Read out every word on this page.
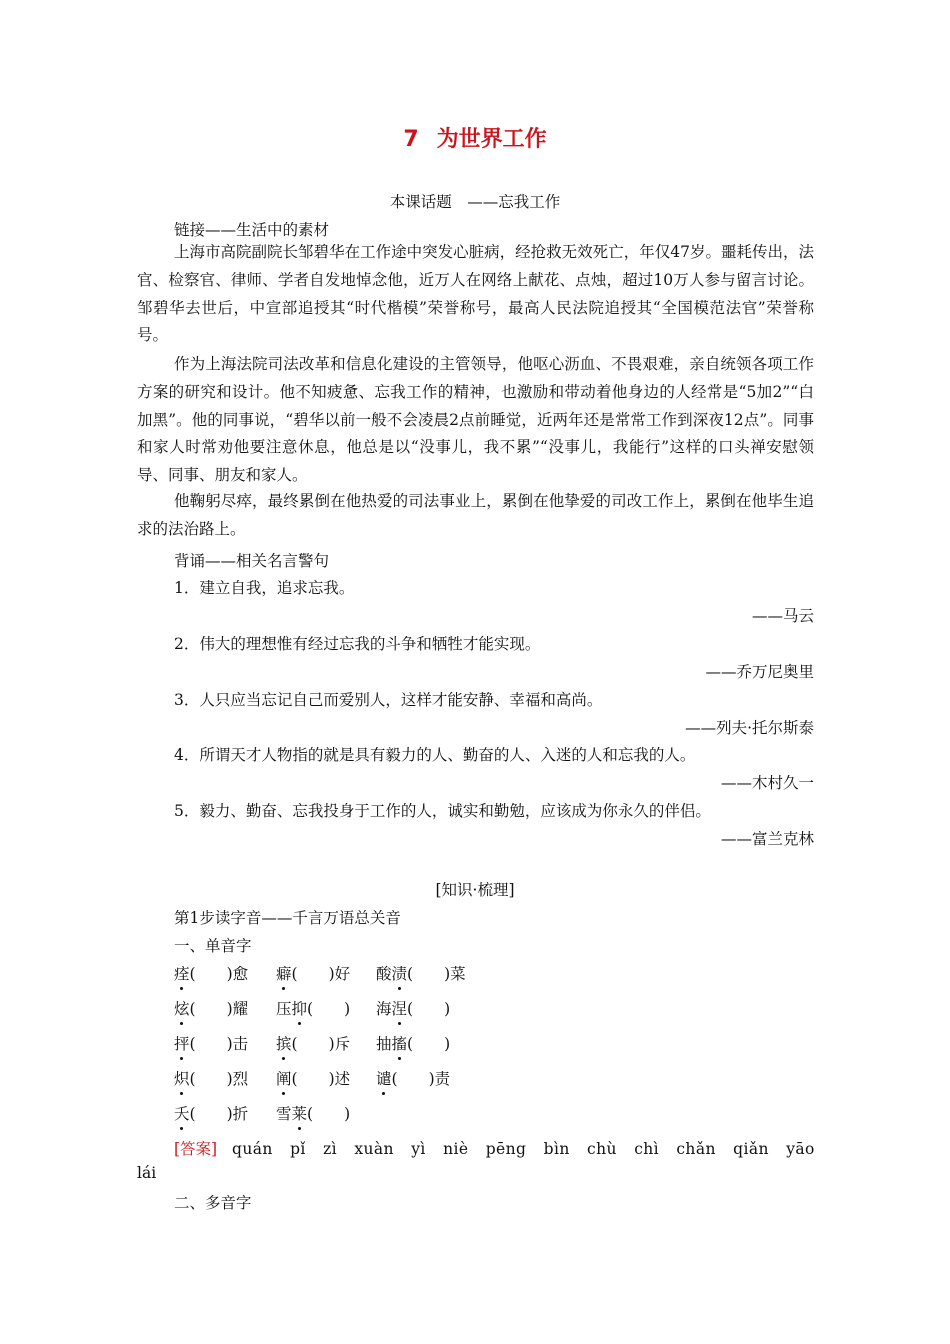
7 为世界工作
本课话题　——忘我工作
链接——生活中的素材
上海市高院副院长邹碧华在工作途中突发心脏病，经抢救无效死亡，年仅47岁。噩耗传出，法官、检察官、律师、学者自发地悼念他，近万人在网络上献花、点烛，超过10万人参与留言讨论。邹碧华去世后，中宣部追授其“时代楷模”荣誉称号，最高人民法院追授其“全国模范法官”荣誉称号。
作为上海法院司法改革和信息化建设的主管领导，他呕心沥血、不畏艰难，亲自统领各项工作方案的研究和设计。他不知疲惫、忘我工作的精神，也激励和带动着他身边的人经常是“5加2”“白加黑”。他的同事说，“碧华以前一般不会凌晨2点前睡觉，近两年还是常常工作到深夜12点”。同事和家人时常劝他要注意休息，他总是以“没事儿，我不累”“没事儿，我能行”这样的口头禅安慰领导、同事、朋友和家人。
他鞠躬尽瘁，最终累倒在他热爱的司法事业上，累倒在他挚爱的司改工作上，累倒在他毕生追求的法治路上。
背诵——相关名言警句
1．建立自我，追求忘我。
——马云
2．伟大的理想惟有经过忘我的斗争和牺牲才能实现。
——乔万尼奥里
3．人只应当忘记自己而爱别人，这样才能安静、幸福和高尚。
——列夫·托尔斯泰
4．所谓天才人物指的就是具有毅力的人、勤奋的人、入迷的人和忘我的人。
——木村久一
5．毅力、勤奋、忘我投身于工作的人，诚实和勤勉，应该成为你永久的伴侣。
——富兰克林
[知识·梳理]
第1步读字音——千言万语总关音
一、单音字
痊(　　)愈 癖(　　)好 酸渍(　　)菜
炫(　　)耀 压抑(　　) 海涅(　　)
抨(　　)击 摈(　　)斥 抽搐(　　)
炽(　　)烈 阐(　　)述 谴(　　)责
夭(　　)折 雪莱(　　)
[答案] quán pǐ zì xuàn yì niè pēng bìn chù chì chǎn qiǎn yāo
lái
二、多音字
